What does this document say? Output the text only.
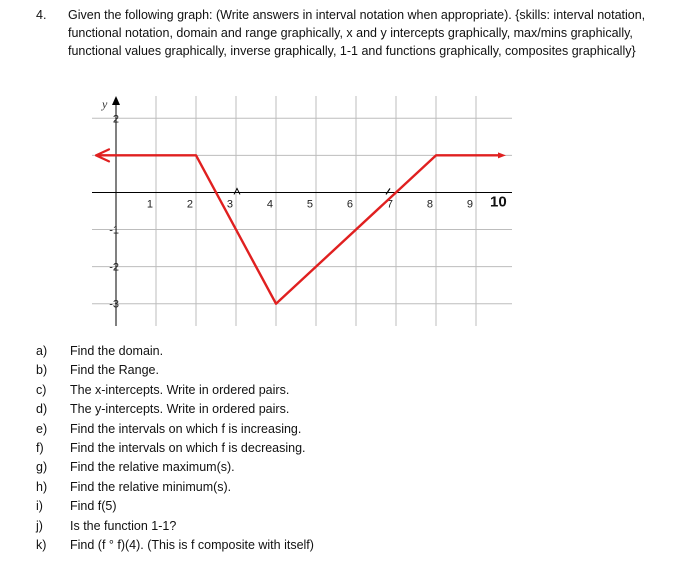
4. Given the following graph: (Write answers in interval notation when appropriate). {skills: interval notation, functional notation, domain and range graphically, x and y intercepts graphically, max/mins graphically, functional values graphically, inverse graphically, 1-1 and functions graphically, composites graphically}
y
1	2	3	4	5	6	7	8	9
2
-1
-2
-3
10
a) Find the domain.
b) Find the Range.
c) The x-intercepts. Write in ordered pairs.
d) The y-intercepts. Write in ordered pairs.
e) Find the intervals on which f is increasing.
f) Find the intervals on which f is decreasing.
g) Find the relative maximum(s).
h) Find the relative minimum(s).
i) Find f(5)
j) Is the function 1-1?
k) Find (f ° f)(4). (This is f composite with itself)
